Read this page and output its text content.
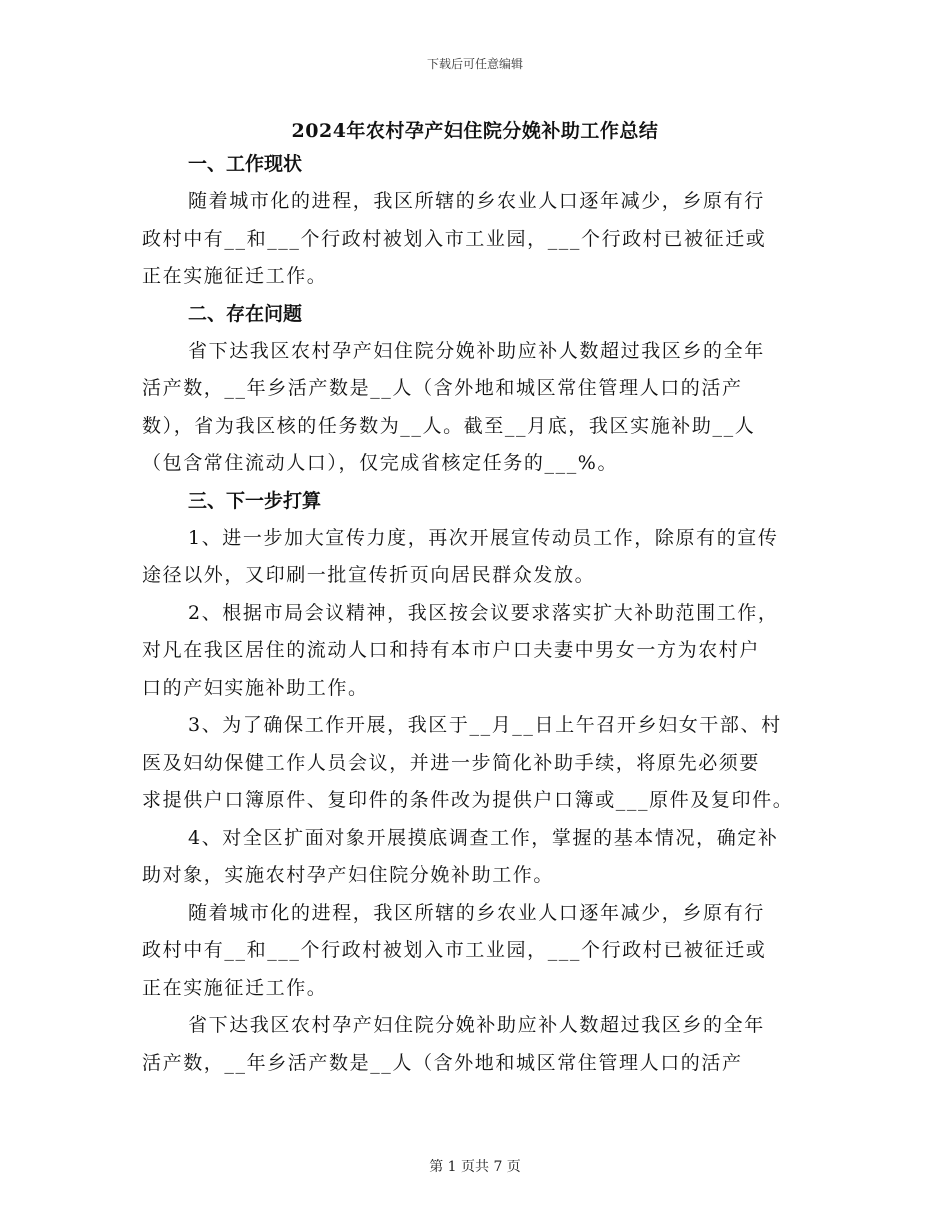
下载后可任意编辑
2024年农村孕产妇住院分娩补助工作总结
一、工作现状
随着城市化的进程，我区所辖的乡农业人口逐年减少，乡原有行
政村中有__和___个行政村被划入市工业园，___个行政村已被征迁或
正在实施征迁工作。
二、存在问题
省下达我区农村孕产妇住院分娩补助应补人数超过我区乡的全年
活产数，__年乡活产数是__人（含外地和城区常住管理人口的活产
数），省为我区核的任务数为__人。截至__月底，我区实施补助__人
（包含常住流动人口），仅完成省核定任务的___%。
三、下一步打算
1、进一步加大宣传力度，再次开展宣传动员工作，除原有的宣传
途径以外，又印刷一批宣传折页向居民群众发放。
2、根据市局会议精神，我区按会议要求落实扩大补助范围工作，
对凡在我区居住的流动人口和持有本市户口夫妻中男女一方为农村户
口的产妇实施补助工作。
3、为了确保工作开展，我区于__月__日上午召开乡妇女干部、村
医及妇幼保健工作人员会议，并进一步简化补助手续，将原先必须要
求提供户口簿原件、复印件的条件改为提供户口簿或___原件及复印件。
4、对全区扩面对象开展摸底调查工作，掌握的基本情况，确定补
助对象，实施农村孕产妇住院分娩补助工作。
随着城市化的进程，我区所辖的乡农业人口逐年减少，乡原有行
政村中有__和___个行政村被划入市工业园，___个行政村已被征迁或
正在实施征迁工作。
省下达我区农村孕产妇住院分娩补助应补人数超过我区乡的全年
活产数，__年乡活产数是__人（含外地和城区常住管理人口的活产
第 1 页共 7 页
